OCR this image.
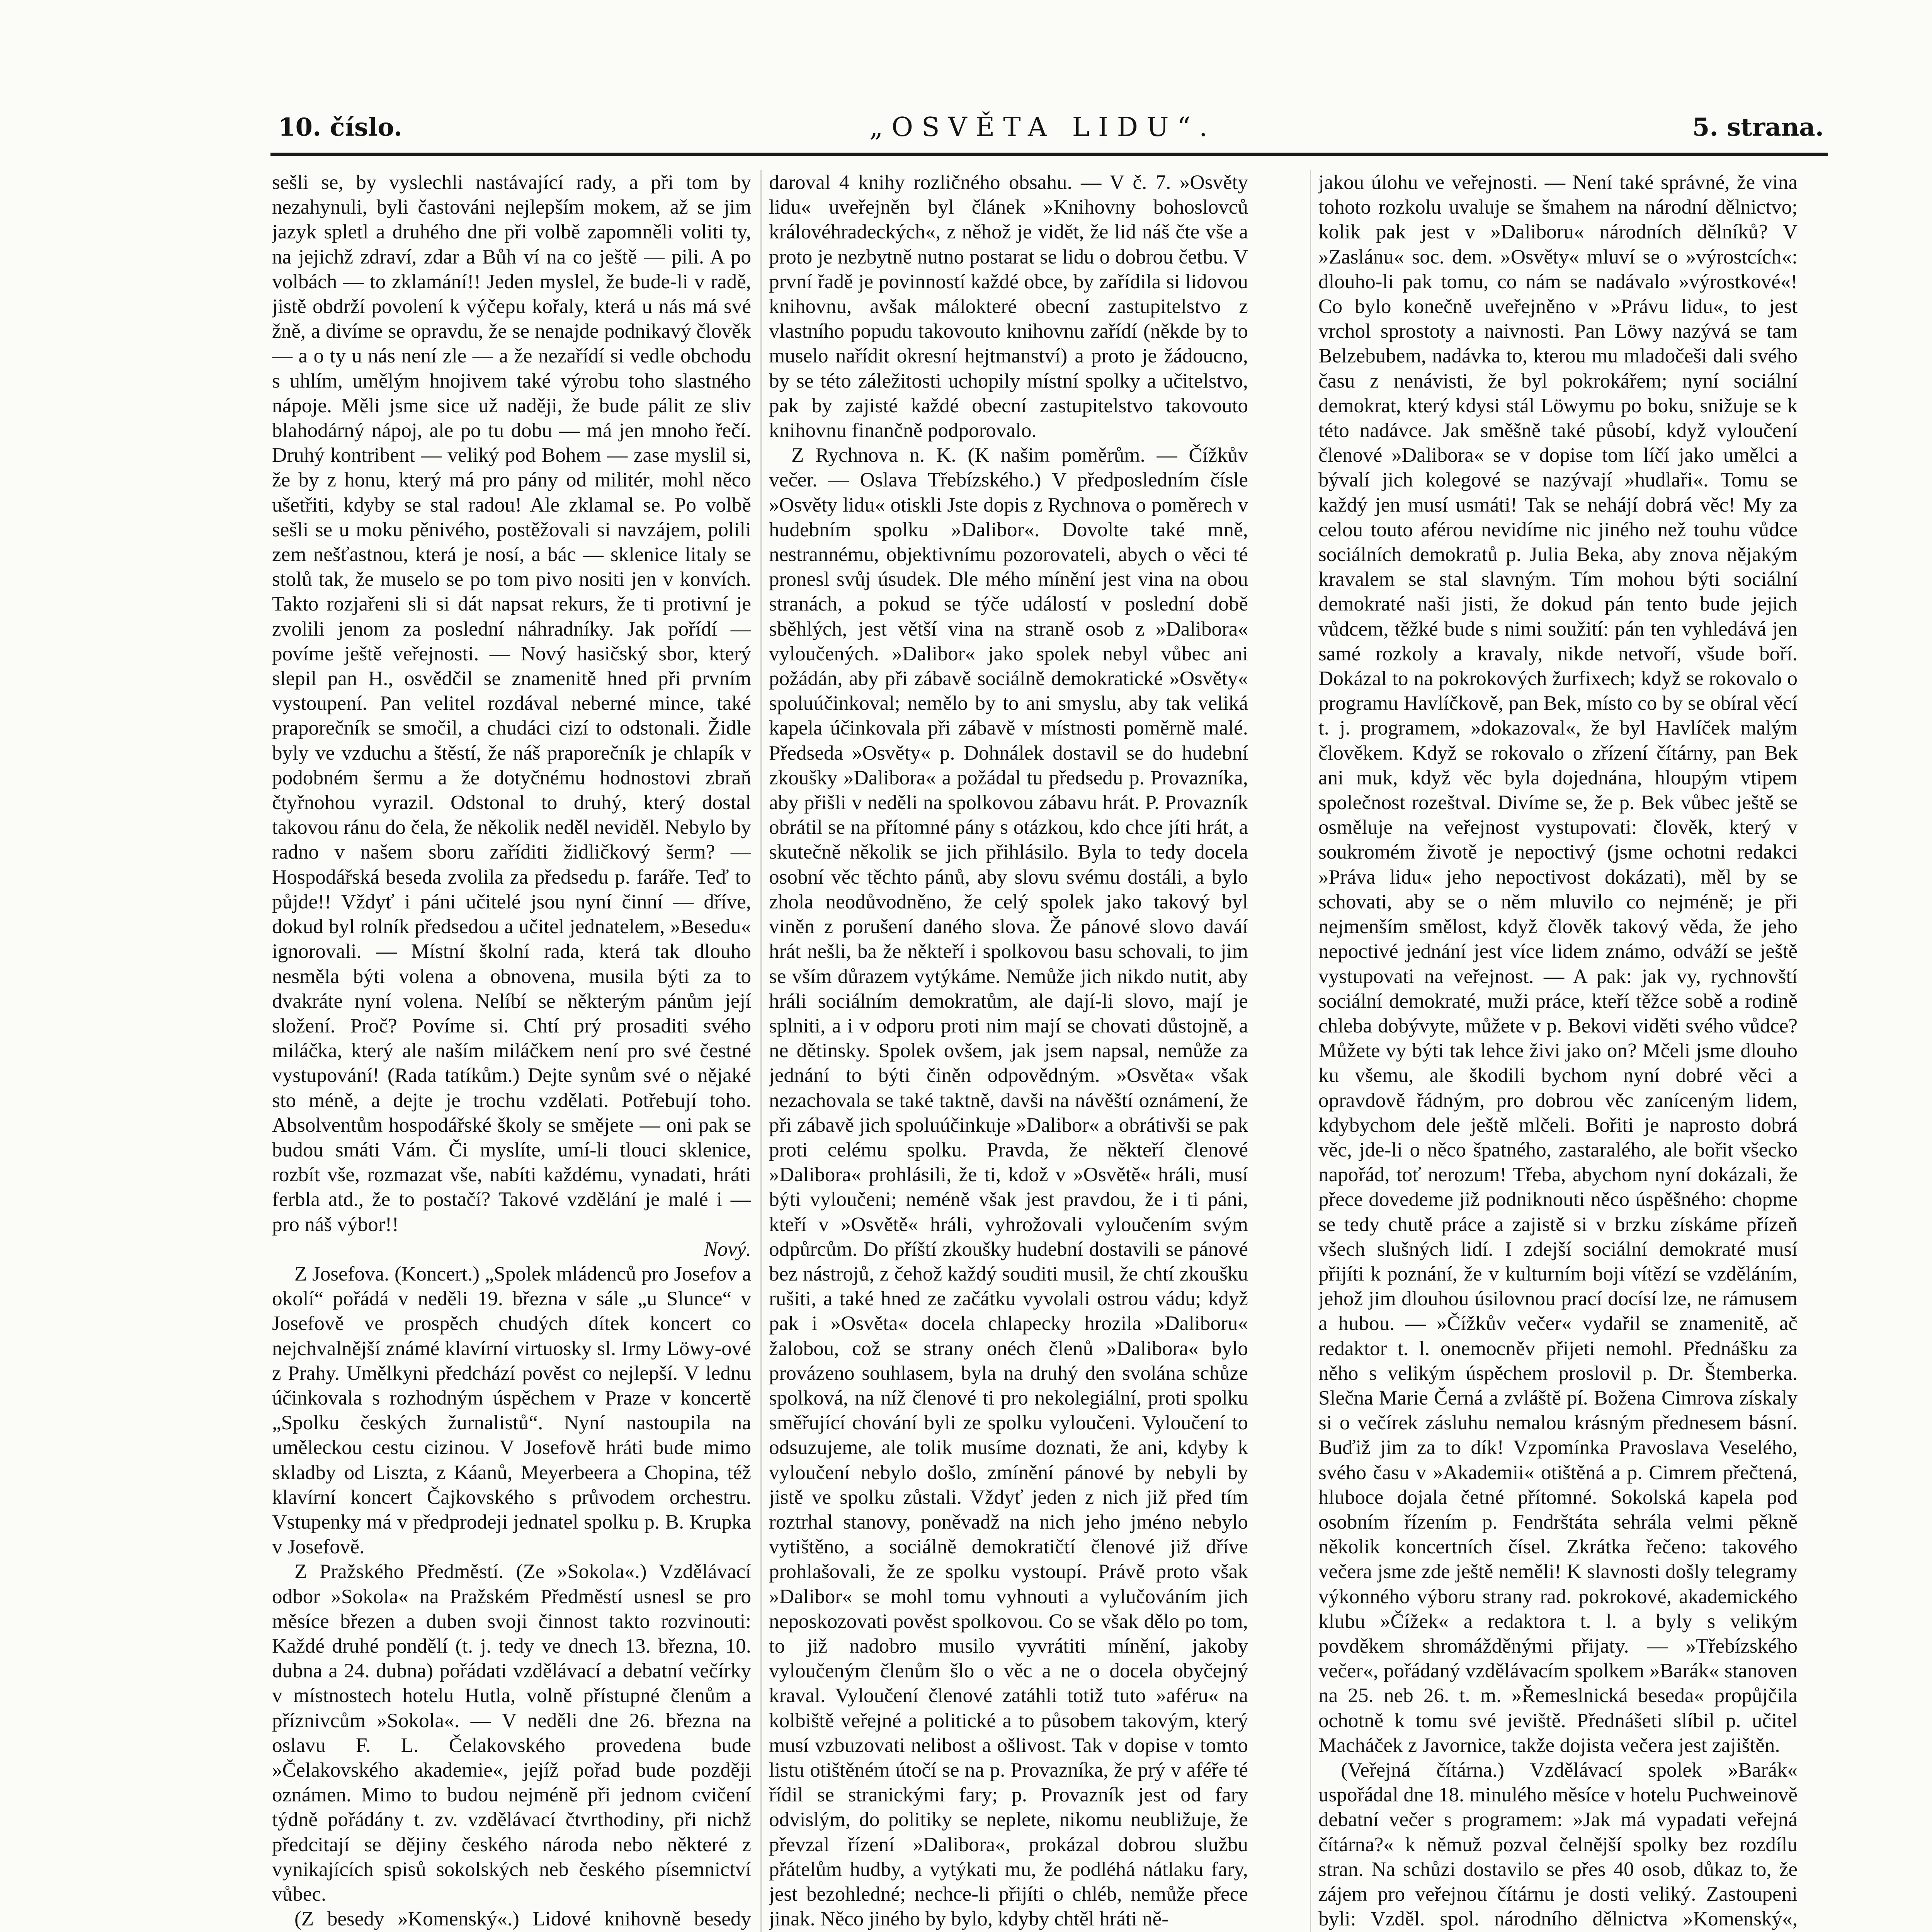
10. číslo.	„OSVĚTA LIDU“.	5. strana.

sešli se, by vyslechli nastávající rady, a při tom by nezahynuli, byli častováni nejlepším mokem, až se jim jazyk spletl a druhého dne při volbě zapomněli voliti ty, na jejichž zdraví, zdar a Bůh ví na co ještě — pili. A po volbách — to zklamání!! Jeden myslel, že bude-li v radě, jistě obdrží povolení k výčepu kořaly, která u nás má své žně, a divíme se opravdu, že se nenajde podnikavý člověk — a o ty u nás není zle — a že nezařídí si vedle obchodu s uhlím, umělým hnojivem také výrobu toho slastného nápoje. Měli jsme sice už naději, že bude pálit ze sliv blahodárný nápoj, ale po tu dobu — má jen mnoho řečí. Druhý kontribent — veliký pod Bohem — zase myslil si, že by z honu, který má pro pány od militér, mohl něco ušetřiti, kdyby se stal radou! Ale zklamal se. Po volbě sešli se u moku pěnivého, postěžovali si navzájem, polili zem nešťastnou, která je nosí, a bác — sklenice litaly se stolů tak, že muselo se po tom pivo nositi jen v konvích. Takto rozjařeni sli si dát napsat rekurs, že ti protivní je zvolili jenom za poslední náhradníky. Jak pořídí — povíme ještě veřejnosti. — Nový hasičský sbor, který slepil pan H., osvědčil se znamenitě hned při prvním vystoupení. Pan velitel rozdával neberné mince, také praporečník se smočil, a chudáci cizí to odstonali. Židle byly ve vzduchu a štěstí, že náš praporečník je chlapík v podobném šermu a že dotyčnému hodnostovi zbraň čtyřnohou vyrazil. Odstonal to druhý, který dostal takovou ránu do čela, že několik neděl neviděl. Nebylo by radno v našem sboru zaříditi židličkový šerm? — Hospodářská beseda zvolila za předsedu p. faráře. Teď to půjde!! Vždyť i páni učitelé jsou nyní činní — dříve, dokud byl rolník předsedou a učitel jednatelem, »Besedu« ignorovali. — Místní školní rada, která tak dlouho nesměla býti volena a obnovena, musila býti za to dvakráte nyní volena. Nelíbí se některým pánům její složení. Proč? Povíme si. Chtí prý prosaditi svého miláčka, který ale naším miláčkem není pro své čestné vystupování! (Rada tatíkům.) Dejte synům své o nějaké sto méně, a dejte je trochu vzdělati. Potřebují toho. Absolventům hospodářské školy se smějete — oni pak se budou smáti Vám. Či myslíte, umí-li tlouci sklenice, rozbít vše, rozmazat vše, nabíti každému, vynadati, hráti ferbla atd., že to postačí? Takové vzdělání je malé i — pro náš výbor!!

Nový.

Z Josefova. (Koncert.) „Spolek mládenců pro Josefov a okolí“ pořádá v neděli 19. března v sále „u Slunce“ v Josefově ve prospěch chudých dítek koncert co nejchvalnější známé klavírní virtuosky sl. Irmy Löwy-ové z Prahy. Umělkyni předchází pověst co nejlepší. V lednu účinkovala s rozhodným úspěchem v Praze v koncertě „Spolku českých žurnalistů“. Nyní nastoupila na uměleckou cestu cizinou. V Josefově hráti bude mimo skladby od Liszta, z Káanů, Meyerbeera a Chopina, též klavírní koncert Čajkovského s průvodem orchestru. Vstupenky má v předprodeji jednatel spolku p. B. Krupka v Josefově.

Z Pražského Předměstí. (Ze »Sokola«.) Vzdělávací odbor »Sokola« na Pražském Předměstí usnesl se pro měsíce březen a duben svoji činnost takto rozvinouti: Každé druhé pondělí (t. j. tedy ve dnech 13. března, 10. dubna a 24. dubna) pořádati vzdělávací a debatní večírky v místnostech hotelu Hutla, volně přístupné členům a příznivcům »Sokola«. — V neděli dne 26. března na oslavu F. L. Čelakovského provedena bude »Čelakovského akademie«, jejíž pořad bude později oznámen. Mimo to budou nejméně při jednom cvičení týdně pořádány t. zv. vzdělávací čtvrthodiny, při nichž předcitají se dějiny českého národa nebo některé z vynikajících spisů sokolských neb českého písemnictví vůbec.

(Z besedy »Komenský«.) Lidové knihovně besedy

daroval 4 knihy rozličného obsahu. — V č. 7. »Osvěty lidu« uveřejněn byl článek »Knihovny bohoslovců královéhradeckých«, z něhož je vidět, že lid náš čte vše a proto je nezbytně nutno postarat se lidu o dobrou četbu. V první řadě je povinností každé obce, by zařídila si lidovou knihovnu, avšak málokteré obecní zastupitelstvo z vlastního popudu takovouto knihovnu zařídí (někde by to muselo nařídit okresní hejtmanství) a proto je žádoucno, by se této záležitosti uchopily místní spolky a učitelstvo, pak by zajisté každé obecní zastupitelstvo takovouto knihovnu finančně podporovalo.

Z Rychnova n. K. (K našim poměrům. — Čížkův večer. — Oslava Třebízského.) V předposledním čísle »Osvěty lidu« otiskli Jste dopis z Rychnova o poměrech v hudebním spolku »Dalibor«. Dovolte také mně, nestrannému, objektivnímu pozorovateli, abych o věci té pronesl svůj úsudek. Dle mého mínění jest vina na obou stranách, a pokud se týče událostí v poslední době sběhlých, jest větší vina na straně osob z »Dalibora« vyloučených. »Dalibor« jako spolek nebyl vůbec ani požádán, aby při zábavě sociálně demokratické »Osvěty« spoluúčinkoval; nemělo by to ani smyslu, aby tak veliká kapela účinkovala při zábavě v místnosti poměrně malé. Předseda »Osvěty« p. Dohnálek dostavil se do hudební zkoušky »Dalibora« a požádal tu předsedu p. Provazníka, aby přišli v neděli na spolkovou zábavu hrát. P. Provazník obrátil se na přítomné pány s otázkou, kdo chce jíti hrát, a skutečně několik se jich přihlásilo. Byla to tedy docela osobní věc těchto pánů, aby slovu svému dostáli, a bylo zhola neodůvodněno, že celý spolek jako takový byl viněn z porušení daného slova. Že pánové slovo daváí hrát nešli, ba že někteří i spolkovou basu schovali, to jim se vším důrazem vytýkáme. Nemůže jich nikdo nutit, aby hráli sociálním demokratům, ale dají-li slovo, mají je splniti, a i v odporu proti nim mají se chovati důstojně, a ne dětinsky. Spolek ovšem, jak jsem napsal, nemůže za jednání to býti činěn odpovědným. »Osvěta« však nezachovala se také taktně, davši na návěští oznámení, že při zábavě jich spoluúčinkuje »Dalibor« a obrátivši se pak proti celému spolku. Pravda, že někteří členové »Dalibora« prohlásili, že ti, kdož v »Osvětě« hráli, musí býti vyloučeni; neméně však jest pravdou, že i ti páni, kteří v »Osvětě« hráli, vyhrožovali vyloučením svým odpůrcům. Do příští zkoušky hudební dostavili se pánové bez nástrojů, z čehož každý souditi musil, že chtí zkoušku rušiti, a také hned ze začátku vyvolali ostrou vádu; když pak i »Osvěta« docela chlapecky hrozila »Daliboru« žalobou, což se strany onéch členů »Dalibora« bylo provázeno souhlasem, byla na druhý den svolána schůze spolková, na níž členové ti pro nekolegiální, proti spolku směřující chování byli ze spolku vyloučeni. Vyloučení to odsuzujeme, ale tolik musíme doznati, že ani, kdyby k vyloučení nebylo došlo, zmínění pánové by nebyli by jistě ve spolku zůstali. Vždyť jeden z nich již před tím roztrhal stanovy, poněvadž na nich jeho jméno nebylo vytištěno, a sociálně demokratičtí členové již dříve prohlašovali, že ze spolku vystoupí. Právě proto však »Dalibor« se mohl tomu vyhnouti a vylučováním jich neposkozovati pověst spolkovou. Co se však dělo po tom, to již nadobro musilo vyvrátiti mínění, jakoby vyloučeným členům šlo o věc a ne o docela obyčejný kraval. Vyloučení členové zatáhli totiž tuto »aféru« na kolbiště veřejné a politické a to působem takovým, který musí vzbuzovati nelibost a ošlivost. Tak v dopise v tomto listu otištěném útočí se na p. Provazníka, že prý v aféře té řídil se stranickými fary; p. Provazník jest od fary odvislým, do politiky se neplete, nikomu neubližuje, že převzal řízení »Dalibora«, prokázal dobrou službu přátelům hudby, a vytýkati mu, že podléhá nátlaku fary, jest bezohledné; nechce-li přijíti o chléb, nemůže přece jinak. Něco jiného by bylo, kdyby chtěl hráti ně-

jakou úlohu ve veřejnosti. — Není také správné, že vina tohoto rozkolu uvaluje se šmahem na národní dělnictvo; kolik pak jest v »Daliboru« národních dělníků? V »Zaslánu« soc. dem. »Osvěty« mluví se o »výrostcích«: dlouho-li pak tomu, co nám se nadávalo »výrostkové«! Co bylo konečně uveřejněno v »Právu lidu«, to jest vrchol sprostoty a naivnosti. Pan Löwy nazývá se tam Belzebubem, nadávka to, kterou mu mladočeši dali svého času z nenávisti, že byl pokrokářem; nyní sociální demokrat, který kdysi stál Löwymu po boku, snižuje se k této nadávce. Jak směšně také působí, když vyloučení členové »Dalibora« se v dopise tom líčí jako umělci a bývalí jich kolegové se nazývají »hudlaři«. Tomu se každý jen musí usmáti! Tak se nehájí dobrá věc! My za celou touto aférou nevidíme nic jiného než touhu vůdce sociálních demokratů p. Julia Beka, aby znova nějakým kravalem se stal slavným. Tím mohou býti sociální demokraté naši jisti, že dokud pán tento bude jejich vůdcem, těžké bude s nimi soužití: pán ten vyhledává jen samé rozkoly a kravaly, nikde netvoří, všude boří. Dokázal to na pokrokových žurfixech; když se rokovalo o programu Havlíčkově, pan Bek, místo co by se obíral věcí t. j. programem, »dokazoval«, že byl Havlíček malým člověkem. Když se rokovalo o zřízení čítárny, pan Bek ani muk, když věc byla dojednána, hloupým vtipem společnost rozeštval. Divíme se, že p. Bek vůbec ještě se osměluje na veřejnost vystupovati: člověk, který v soukromém životě je nepoctivý (jsme ochotni redakci »Práva lidu« jeho nepoctivost dokázati), měl by se schovati, aby se o něm mluvilo co nejméně; je při nejmenším smělost, když člověk takový věda, že jeho nepoctivé jednání jest více lidem známo, odváží se ještě vystupovati na veřejnost. — A pak: jak vy, rychnovští sociální demokraté, muži práce, kteří těžce sobě a rodině chleba dobývyte, můžete v p. Bekovi viděti svého vůdce? Můžete vy býti tak lehce živi jako on? Mčeli jsme dlouho ku všemu, ale škodili bychom nyní dobré věci a opravdově řádným, pro dobrou věc zaníceným lidem, kdybychom dele ještě mlčeli. Bořiti je naprosto dobrá věc, jde-li o něco špatného, zastaralého, ale bořit všecko napořád, toť nerozum! Třeba, abychom nyní dokázali, že přece dovedeme již podniknouti něco úspěšného: chopme se tedy chutě práce a zajistě si v brzku získáme přízeň všech slušných lidí. I zdejší sociální demokraté musí přijíti k poznání, že v kulturním boji vítězí se vzděláním, jehož jim dlouhou úsilovnou prací docísí lze, ne rámusem a hubou. — »Čížkův večer« vydařil se znamenitě, ač redaktor t. l. onemocněv přijeti nemohl. Přednášku za něho s velikým úspěchem proslovil p. Dr. Štemberka. Slečna Marie Černá a zvláště pí. Božena Cimrova získaly si o večírek zásluhu nemalou krásným přednesem básní. Buďiž jim za to dík! Vzpomínka Pravoslava Veselého, svého času v »Akademii« otištěná a p. Cimrem přečtená, hluboce dojala četné přítomné. Sokolská kapela pod osobním řízením p. Fendrštáta sehrála velmi pěkně několik koncertních čísel. Zkrátka řečeno: takového večera jsme zde ještě neměli! K slavnosti došly telegramy výkonného výboru strany rad. pokrokové, akademického klubu »Čížek« a redaktora t. l. a byly s velikým povděkem shromážděnými přijaty. — »Třebízského večer«, pořádaný vzdělávacím spolkem »Barák« stanoven na 25. neb 26. t. m. »Řemeslnická beseda« propůjčila ochotně k tomu své jeviště. Přednášeti slíbil p. učitel Macháček z Javornice, takže dojista večera jest zajištěn.

(Veřejná čítárna.) Vzdělávací spolek »Barák« uspořádal dne 18. minulého měsíce v hotelu Puchweinově debatní večer s programem: »Jak má vypadati veřejná čítárna?« k němuž pozval čelnější spolky bez rozdílu stran. Na schůzi dostavilo se přes 40 osob, důkaz to, že zájem pro veřejnou čítárnu je dosti veliký. Zastoupeni byli: Vzděl. spol. národního dělnictva »Komenský«,
